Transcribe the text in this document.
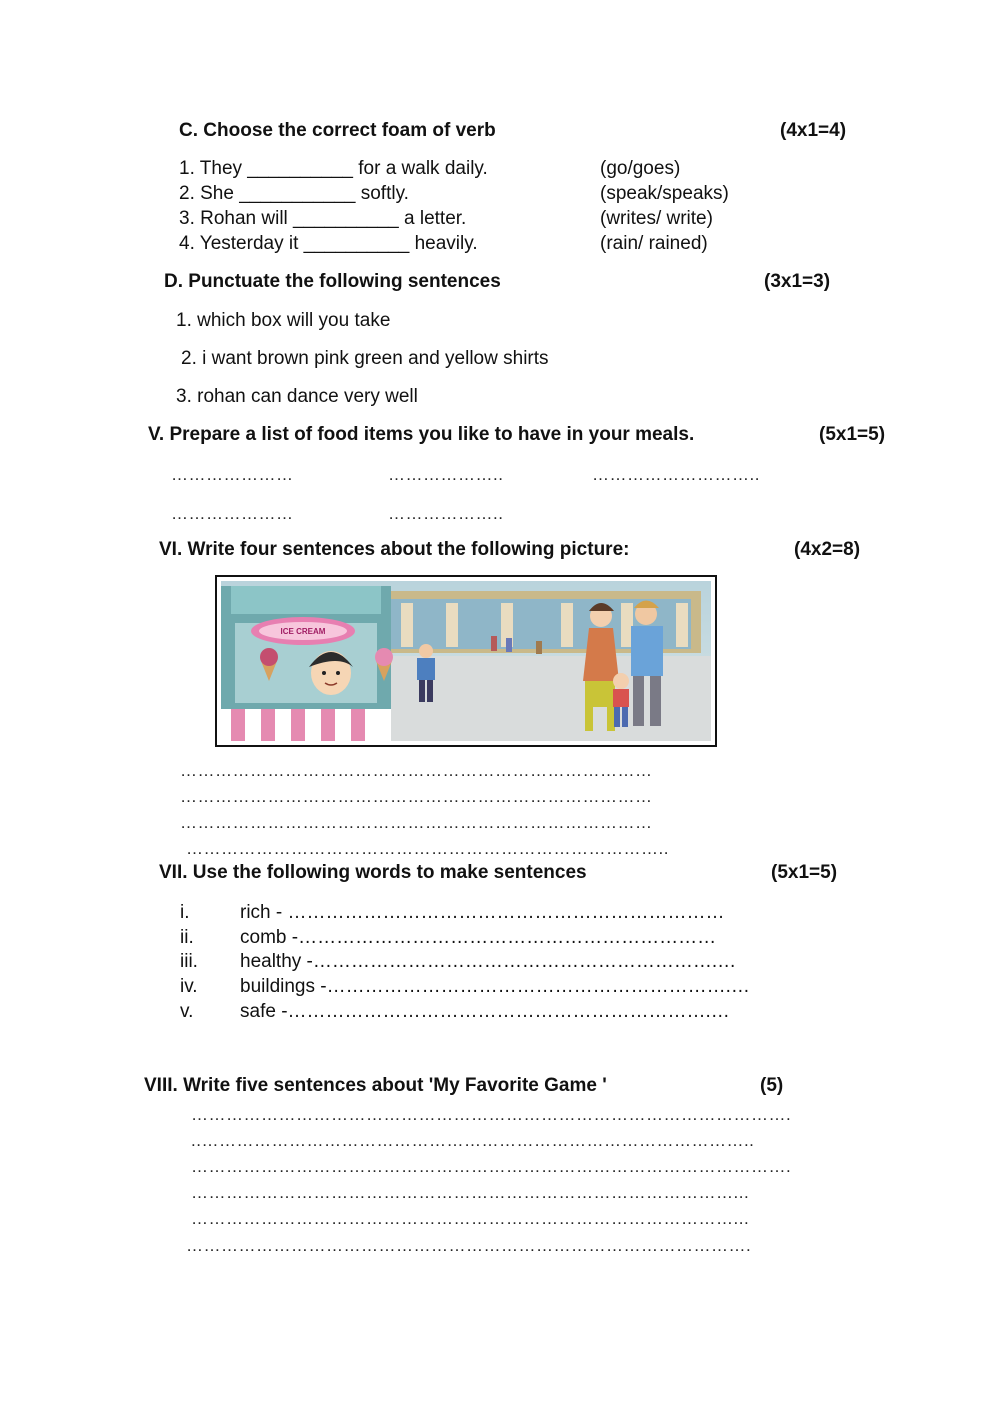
C. Choose the correct foam of verb	(4x1=4)
1. They __________ for a walk daily.	(go/goes)
2. She ___________ softly.	(speak/speaks)
3. Rohan will __________ a letter.	(writes/ write)
4. Yesterday it __________ heavily.	(rain/ rained)
D. Punctuate the following sentences	(3x1=3)
1. which box will you take
2. i want brown pink green and yellow shirts
3. rohan can dance very well
V. Prepare a list of food items you like to have in your meals.	(5x1=5)
…………………	………………..	………………………..
…………………	………………..
VI. Write four sentences about the following picture:	(4x2=8)
ICE CREAM
………………………………………………………………………
………………………………………………………………………
………………………………………………………………………
………………………………………………………………………..
VII. Use the following words to make sentences	(5x1=5)
i.	rich - ……………………………………………………………
ii. comb -…………………………………………………………
iii. healthy -……………………………………………………….…
iv. buildings -……………………………………………………….…
v. safe -………………………………………………………….…
VIII. Write five sentences about 'My Favorite Game '	(5)
………………………………………………………………………………………….
..…………………………………………………………………………………..
………………………………………………………………………………………….
…………………………………………………………………………………...
…………………………………………………………………………………...
…………………………………………………………………………………….
